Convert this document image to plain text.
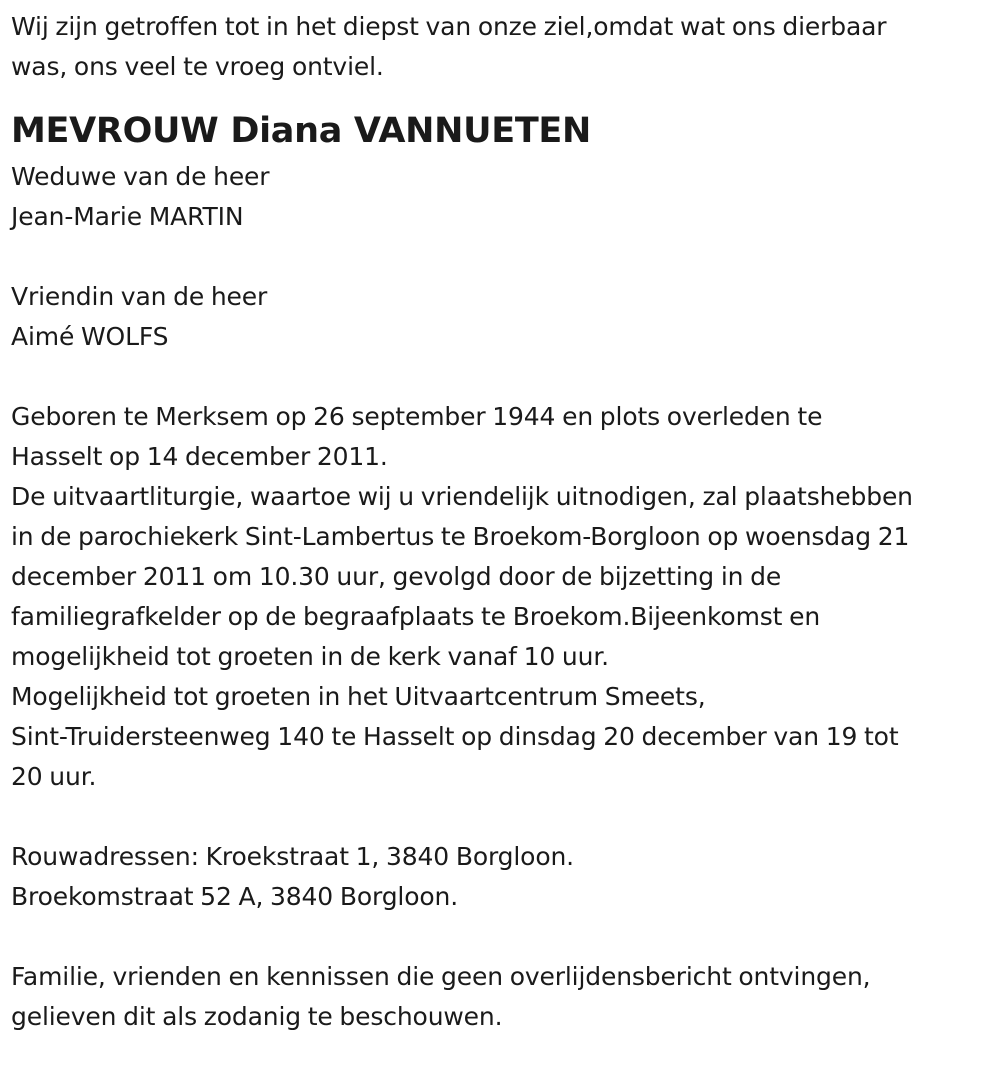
Wij zijn getroffen tot in het diepst van onze ziel,omdat wat ons dierbaar
was, ons veel te vroeg ontviel.
MEVROUW Diana VANNUETEN
Weduwe van de heer
Jean-Marie MARTIN
Vriendin van de heer
Aimé WOLFS
Geboren te Merksem op 26 september 1944 en plots overleden te
Hasselt op 14 december 2011.
De uitvaartliturgie, waartoe wij u vriendelijk uitnodigen, zal plaatshebben
in de parochiekerk Sint-Lambertus te Broekom-Borgloon op woensdag 21
december 2011 om 10.30 uur, gevolgd door de bijzetting in de
familiegrafkelder op de begraafplaats te Broekom.Bijeenkomst en
mogelijkheid tot groeten in de kerk vanaf 10 uur.
Mogelijkheid tot groeten in het Uitvaartcentrum Smeets,
Sint-Truidersteenweg 140 te Hasselt op dinsdag 20 december van 19 tot
20 uur.
Rouwadressen: Kroekstraat 1, 3840 Borgloon.
Broekomstraat 52 A, 3840 Borgloon.
Familie, vrienden en kennissen die geen overlijdensbericht ontvingen,
gelieven dit als zodanig te beschouwen.
